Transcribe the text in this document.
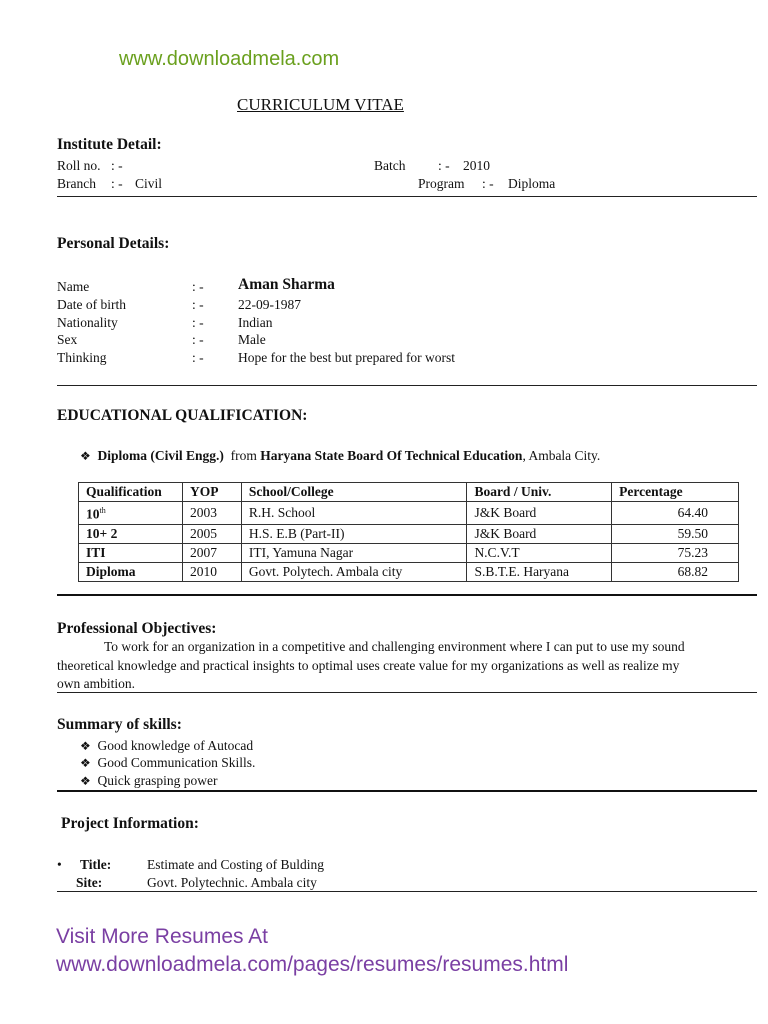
www.downloadmela.com
CURRICULUM VITAE
Institute Detail:
Roll no. : -	Batch : - 2010
Branch : - Civil	Program : - Diploma
Personal Details:
Name	: - Aman Sharma
Date of birth	: -	22-09-1987
Nationality	: -	Indian
Sex	: -	Male
Thinking	: -	Hope for the best but prepared for worst
EDUCATIONAL QUALIFICATION:
❖ Diploma (Civil Engg.) from Haryana State Board Of Technical Education, Ambala City.
Qualification	YOP	School/College	Board / Univ.	Percentage
10th	2003	R.H. School	J&K Board	64.40
10+ 2	2005	H.S. E.B (Part-II)	J&K Board	59.50
ITI	2007	ITI, Yamuna Nagar	N.C.V.T	75.23
Diploma	2010	Govt. Polytech. Ambala city	S.B.T.E. Haryana	68.82
Professional Objectives:
To work for an organization in a competitive and challenging environment where I can put to use my sound
theoretical knowledge and practical insights to optimal uses create value for my organizations as well as realize my
own ambition.
Summary of skills:
❖ Good knowledge of Autocad
❖ Good Communication Skills.
❖ Quick grasping power
Project Information:
• Title:	Estimate and Costing of Bulding
Site:	Govt. Polytechnic. Ambala city
Visit More Resumes At
www.downloadmela.com/pages/resumes/resumes.html
